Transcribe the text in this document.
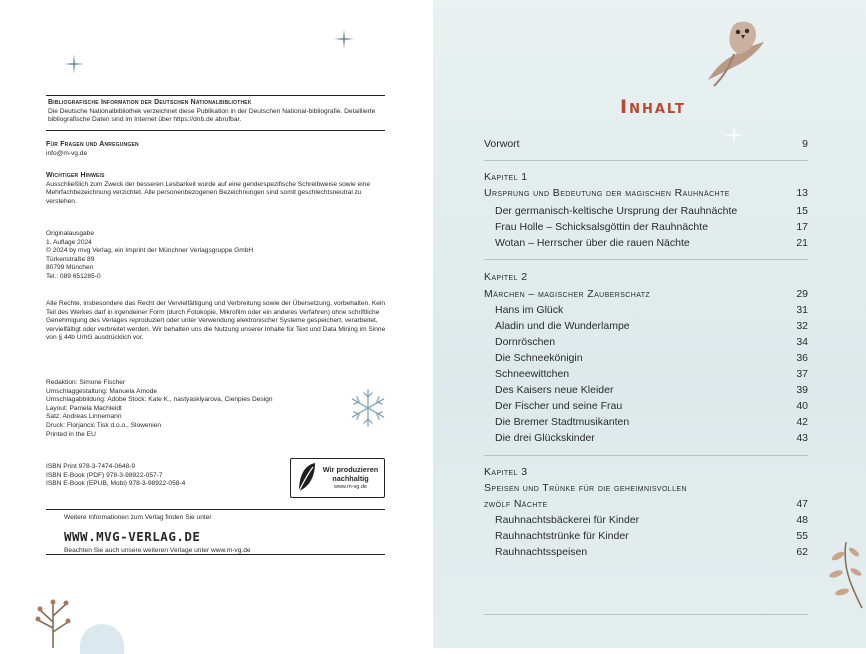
Bibliografische Information der Deutschen Nationalbibliothek
Die Deutsche Nationalbibliothek verzeichnet diese Publikation in der Deutschen National-bibliografie. Detaillierte bibliografische Daten sind im Internet über https://dnb.de abrufbar.
Für Fragen und Anregungen
info@m-vg.de
Wichtiger Hinweis
Ausschließlich zum Zweck der besseren Lesbarkeit wurde auf eine genderspezifische Schreibweise sowie eine Mehrfachbezeichnung verzichtet. Alle personenbezogenen Bezeichnungen sind somit geschlechtsneutral zu verstehen.
Originalausgabe
1. Auflage 2024
© 2024 by mvg Verlag, ein Imprint der Münchner Verlagsgruppe GmbH
Türkenstraße 89
80799 München
Tel.: 089 651285-0
Alle Rechte, insbesondere das Recht der Vervielfältigung und Verbreitung sowie der Übersetzung, vorbehalten. Kein Teil des Werkes darf in irgendeiner Form (durch Fotokopie, Mikrofilm oder ein anderes Verfahren) ohne schriftliche Genehmigung des Verlages reproduziert oder unter Verwendung elektronischer Systeme gespeichert, verarbeitet, vervielfältigt oder verbreitet werden. Wir behalten uns die Nutzung unserer Inhalte für Text und Data Mining im Sinne von § 44b UrhG ausdrücklich vor.
Redaktion: Simone Fischer
Umschlaggestaltung: Manuela Amode
Umschlagabbildung: Adobe Stock: Kate K., nastyasklyarova, Cienpies Design
Layout: Pamela Machleidt
Satz: Andreas Linnemann
Druck: Florjancic Tisk d.o.o., Slowenien
Printed in the EU
ISBN Print 978-3-7474-0648-9
ISBN E-Book (PDF) 978-3-98922-057-7
ISBN E-Book (EPUB, Mobi) 978-3-98922-058-4
Wir produzieren
nachhaltig
www.m-vg.de
Weitere Informationen zum Verlag finden Sie unter
WWW.MVG-VERLAG.DE
Beachten Sie auch unsere weiteren Verlage unter www.m-vg.de
Inhalt
Vorwort	9
Kapitel 1
Ursprung und Bedeutung der magischen Rauhnächte	13
Der germanisch-keltische Ursprung der Rauhnächte	15
Frau Holle – Schicksalsgöttin der Rauhnächte	17
Wotan – Herrscher über die rauen Nächte	21
Kapitel 2
Märchen – magischer Zauberschatz	29
Hans im Glück	31
Aladin und die Wunderlampe	32
Dornröschen	34
Die Schneekönigin	36
Schneewittchen	37
Des Kaisers neue Kleider	39
Der Fischer und seine Frau	40
Die Bremer Stadtmusikanten	42
Die drei Glückskinder	43
Kapitel 3
Speisen und Trünke für die geheimnisvollen
zwölf Nächte	47
Rauhnachtsbäckerei für Kinder	48
Rauhnachtstrünke für Kinder	55
Rauhnachtsspeisen	62
